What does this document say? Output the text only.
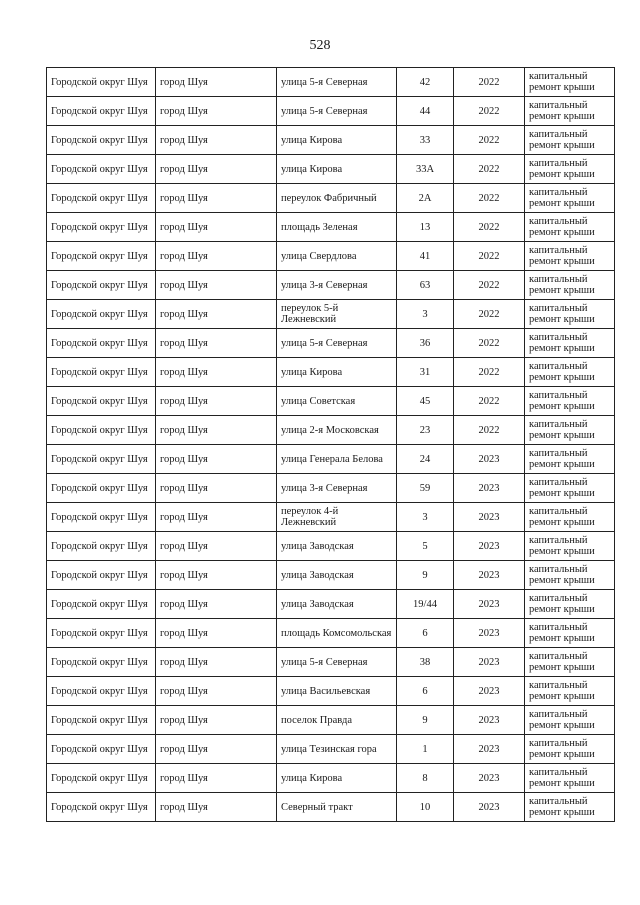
528
Городской округ Шуя	город Шуя	улица 5-я Северная	42	2022	капитальный ремонт крыши
Городской округ Шуя	город Шуя	улица 5-я Северная	44	2022	капитальный ремонт крыши
Городской округ Шуя	город Шуя	улица Кирова	33	2022	капитальный ремонт крыши
Городской округ Шуя	город Шуя	улица Кирова	33А	2022	капитальный ремонт крыши
Городской округ Шуя	город Шуя	переулок Фабричный	2А	2022	капитальный ремонт крыши
Городской округ Шуя	город Шуя	площадь Зеленая	13	2022	капитальный ремонт крыши
Городской округ Шуя	город Шуя	улица Свердлова	41	2022	капитальный ремонт крыши
Городской округ Шуя	город Шуя	улица 3-я Северная	63	2022	капитальный ремонт крыши
Городской округ Шуя	город Шуя	переулок 5-й Лежневский	3	2022	капитальный ремонт крыши
Городской округ Шуя	город Шуя	улица 5-я Северная	36	2022	капитальный ремонт крыши
Городской округ Шуя	город Шуя	улица Кирова	31	2022	капитальный ремонт крыши
Городской округ Шуя	город Шуя	улица Советская	45	2022	капитальный ремонт крыши
Городской округ Шуя	город Шуя	улица 2-я Московская	23	2022	капитальный ремонт крыши
Городской округ Шуя	город Шуя	улица Генерала Белова	24	2023	капитальный ремонт крыши
Городской округ Шуя	город Шуя	улица 3-я Северная	59	2023	капитальный ремонт крыши
Городской округ Шуя	город Шуя	переулок 4-й Лежневский	3	2023	капитальный ремонт крыши
Городской округ Шуя	город Шуя	улица Заводская	5	2023	капитальный ремонт крыши
Городской округ Шуя	город Шуя	улица Заводская	9	2023	капитальный ремонт крыши
Городской округ Шуя	город Шуя	улица Заводская	19/44	2023	капитальный ремонт крыши
Городской округ Шуя	город Шуя	площадь Комсомольская	6	2023	капитальный ремонт крыши
Городской округ Шуя	город Шуя	улица 5-я Северная	38	2023	капитальный ремонт крыши
Городской округ Шуя	город Шуя	улица Васильевская	6	2023	капитальный ремонт крыши
Городской округ Шуя	город Шуя	поселок Правда	9	2023	капитальный ремонт крыши
Городской округ Шуя	город Шуя	улица Тезинская гора	1	2023	капитальный ремонт крыши
Городской округ Шуя	город Шуя	улица Кирова	8	2023	капитальный ремонт крыши
Городской округ Шуя	город Шуя	Северный тракт	10	2023	капитальный ремонт крыши
